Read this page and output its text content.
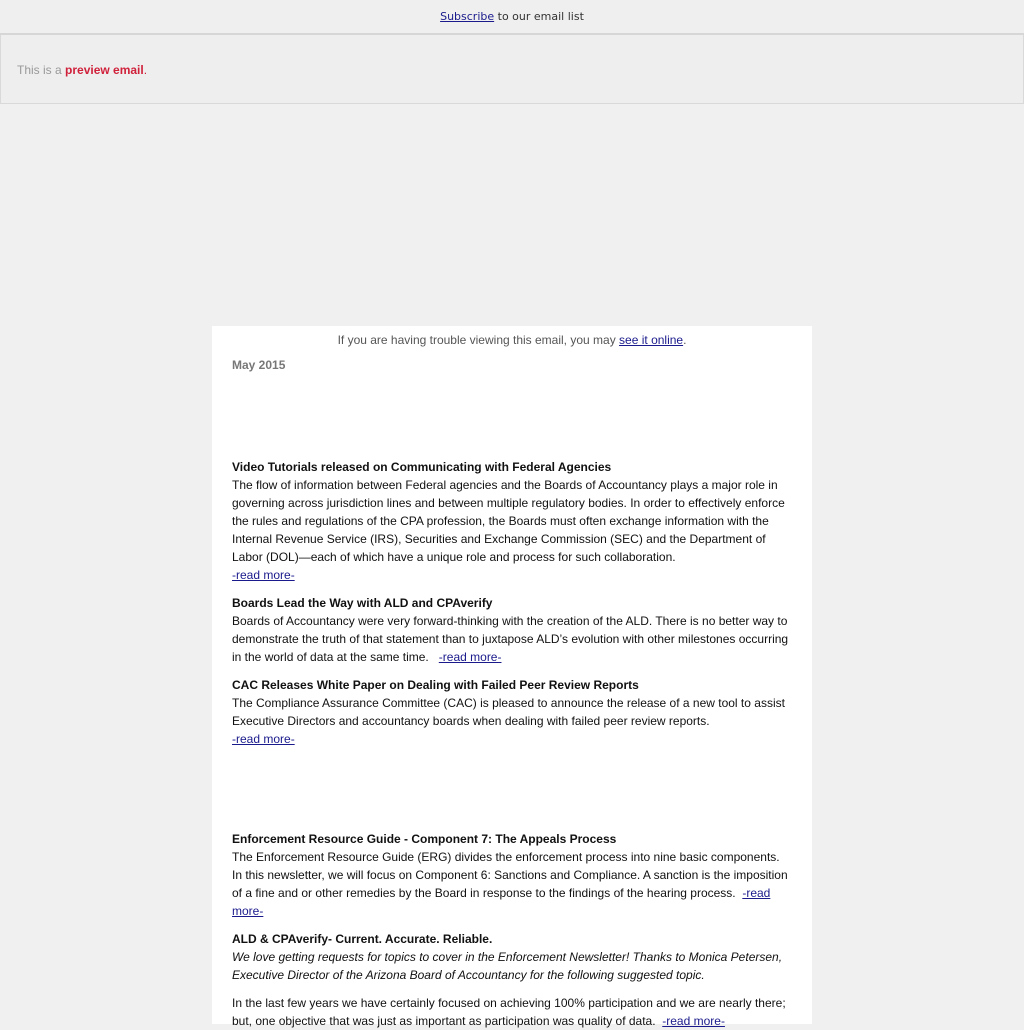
Subscribe to our email list
This is a preview email.
If you are having trouble viewing this email, you may see it online.
May 2015
Video Tutorials released on Communicating with Federal Agencies

The flow of information between Federal agencies and the Boards of Accountancy plays a major role in governing across jurisdiction lines and between multiple regulatory bodies. In order to effectively enforce the rules and regulations of the CPA profession, the Boards must often exchange information with the Internal Revenue Service (IRS), Securities and Exchange Commission (SEC) and the Department of Labor (DOL)—each of which have a unique role and process for such collaboration.

-read more-
Boards Lead the Way with ALD and CPAverify

Boards of Accountancy were very forward-thinking with the creation of the ALD. There is no better way to demonstrate the truth of that statement than to juxtapose ALD’s evolution with other milestones occurring in the world of data at the same time. -read more-

CAC Releases White Paper on Dealing with Failed Peer Review Reports

The Compliance Assurance Committee (CAC) is pleased to announce the release of a new tool to assist Executive Directors and accountancy boards when dealing with failed peer review reports.

-read more-
Enforcement Resource Guide - Component 7: The Appeals Process

The Enforcement Resource Guide (ERG) divides the enforcement process into nine basic components. In this newsletter, we will focus on Component 6: Sanctions and Compliance. A sanction is the imposition of a fine and or other remedies by the Board in response to the findings of the hearing process. -read more-

ALD & CPAverify- Current. Accurate. Reliable.

We love getting requests for topics to cover in the Enforcement Newsletter! Thanks to Monica Petersen, Executive Director of the Arizona Board of Accountancy for the following suggested topic.

In the last few years we have certainly focused on achieving 100% participation and we are nearly there; but, one objective that was just as important as participation was quality of data. -read more-
